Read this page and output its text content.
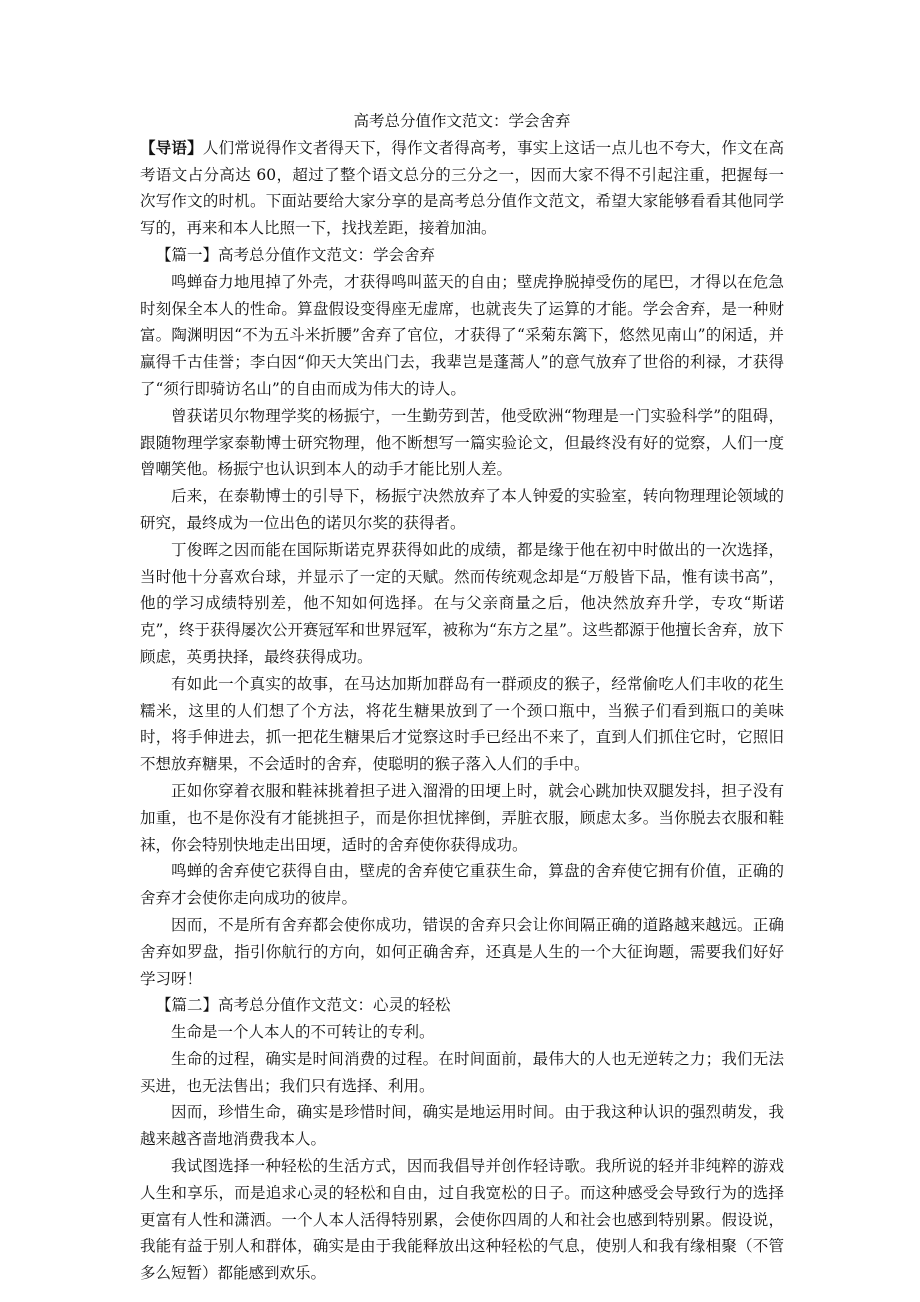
高考总分值作文范文：学会舍弃

【导语】人们常说得作文者得天下，得作文者得高考，事实上这话一点儿也不夸大，作文在高考语文占分高达 60，超过了整个语文总分的三分之一，因而大家不得不引起注重，把握每一次写作文的时机。下面站要给大家分享的是高考总分值作文范文，希望大家能够看看其他同学写的，再来和本人比照一下，找找差距，接着加油。

【篇一】高考总分值作文范文：学会舍弃

鸣蝉奋力地甩掉了外壳，才获得鸣叫蓝天的自由；壁虎挣脱掉受伤的尾巴，才得以在危急时刻保全本人的性命。算盘假设变得座无虚席，也就丧失了运算的才能。学会舍弃，是一种财富。陶渊明因“不为五斗米折腰”舍弃了官位，才获得了“采菊东篱下，悠然见南山”的闲适，并赢得千古佳誉；李白因“仰天大笑出门去，我辈岂是蓬蒿人”的意气放弃了世俗的利禄，才获得了“须行即骑访名山”的自由而成为伟大的诗人。

曾获诺贝尔物理学奖的杨振宁，一生勤劳到苦，他受欧洲“物理是一门实验科学”的阻碍，跟随物理学家泰勒博士研究物理，他不断想写一篇实验论文，但最终没有好的觉察，人们一度曾嘲笑他。杨振宁也认识到本人的动手才能比别人差。

后来，在泰勒博士的引导下，杨振宁决然放弃了本人钟爱的实验室，转向物理理论领域的研究，最终成为一位出色的诺贝尔奖的获得者。

丁俊晖之因而能在国际斯诺克界获得如此的成绩，都是缘于他在初中时做出的一次选择，当时他十分喜欢台球，并显示了一定的天赋。然而传统观念却是“万般皆下品，惟有读书高”，他的学习成绩特别差，他不知如何选择。在与父亲商量之后，他决然放弃升学，专攻“斯诺克”，终于获得屡次公开赛冠军和世界冠军，被称为“东方之星”。这些都源于他擅长舍弃，放下顾虑，英勇抉择，最终获得成功。

有如此一个真实的故事，在马达加斯加群岛有一群顽皮的猴子，经常偷吃人们丰收的花生糯米，这里的人们想了个方法，将花生糖果放到了一个颈口瓶中，当猴子们看到瓶口的美味时，将手伸进去，抓一把花生糖果后才觉察这时手已经出不来了，直到人们抓住它时，它照旧不想放弃糖果，不会适时的舍弃，使聪明的猴子落入人们的手中。

正如你穿着衣服和鞋袜挑着担子进入溜滑的田埂上时，就会心跳加快双腿发抖，担子没有加重，也不是你没有才能挑担子，而是你担忧摔倒，弄脏衣服，顾虑太多。当你脱去衣服和鞋袜，你会特别快地走出田埂，适时的舍弃使你获得成功。

鸣蝉的舍弃使它获得自由，壁虎的舍弃使它重获生命，算盘的舍弃使它拥有价值，正确的舍弃才会使你走向成功的彼岸。

因而，不是所有舍弃都会使你成功，错误的舍弃只会让你间隔正确的道路越来越远。正确舍弃如罗盘，指引你航行的方向，如何正确舍弃，还真是人生的一个大征询题，需要我们好好学习呀！

【篇二】高考总分值作文范文：心灵的轻松

生命是一个人本人的不可转让的专利。

生命的过程，确实是时间消费的过程。在时间面前，最伟大的人也无逆转之力；我们无法买进，也无法售出；我们只有选择、利用。

因而，珍惜生命，确实是珍惜时间，确实是地运用时间。由于我这种认识的强烈萌发，我越来越吝啬地消费我本人。

我试图选择一种轻松的生活方式，因而我倡导并创作轻诗歌。我所说的轻并非纯粹的游戏人生和享乐，而是追求心灵的轻松和自由，过自我宽松的日子。而这种感受会导致行为的选择更富有人性和潇洒。一个人本人活得特别累，会使你四周的人和社会也感到特别累。假设说，我能有益于别人和群体，确实是由于我能释放出这种轻松的气息，使别人和我有缘相聚（不管多么短暂）都能感到欢乐。
